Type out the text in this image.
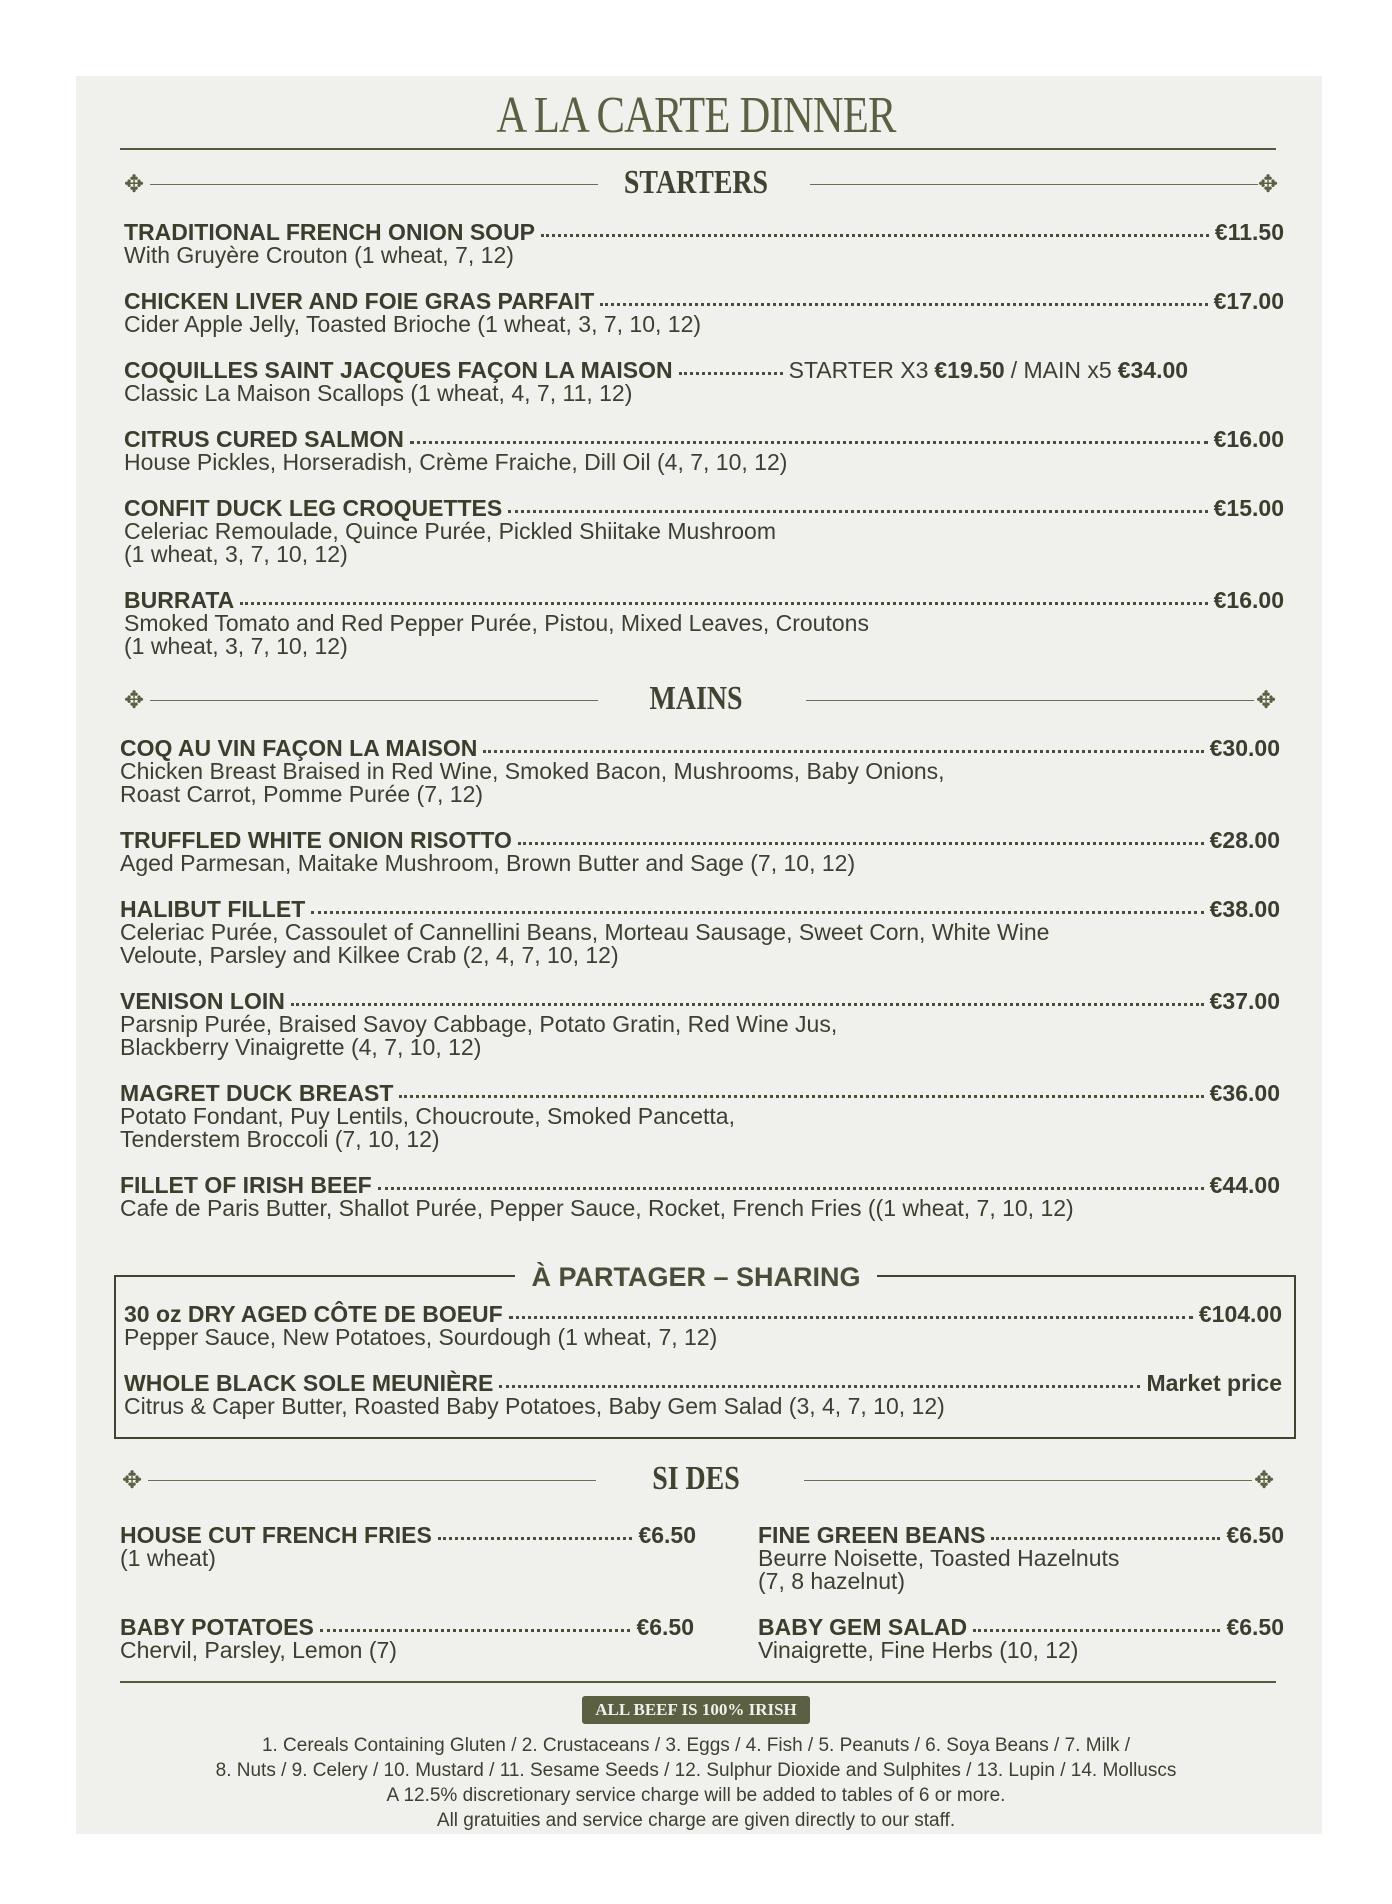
A LA CARTE DINNER
✥	STARTERS	✥
TRADITIONAL FRENCH ONION SOUP	€11.50
With Gruyère Crouton (1 wheat, 7, 12)
CHICKEN LIVER AND FOIE GRAS PARFAIT	€17.00
Cider Apple Jelly, Toasted Brioche (1 wheat, 3, 7, 10, 12)
COQUILLES SAINT JACQUES FAÇON LA MAISON	STARTER X3 €19.50 / MAIN x5 €34.00
Classic La Maison Scallops (1 wheat, 4, 7, 11, 12)
CITRUS CURED SALMON	€16.00
House Pickles, Horseradish, Crème Fraiche, Dill Oil (4, 7, 10, 12)
CONFIT DUCK LEG CROQUETTES	€15.00
Celeriac Remoulade, Quince Purée, Pickled Shiitake Mushroom
(1 wheat, 3, 7, 10, 12)
BURRATA	€16.00
Smoked Tomato and Red Pepper Purée, Pistou, Mixed Leaves, Croutons
(1 wheat, 3, 7, 10, 12)
✥	MAINS	✥
COQ AU VIN FAÇON LA MAISON	€30.00
Chicken Breast Braised in Red Wine, Smoked Bacon, Mushrooms, Baby Onions,
Roast Carrot, Pomme Purée (7, 12)
TRUFFLED WHITE ONION RISOTTO	€28.00
Aged Parmesan, Maitake Mushroom, Brown Butter and Sage (7, 10, 12)
HALIBUT FILLET	€38.00
Celeriac Purée, Cassoulet of Cannellini Beans, Morteau Sausage, Sweet Corn, White Wine
Veloute, Parsley and Kilkee Crab (2, 4, 7, 10, 12)
VENISON LOIN	€37.00
Parsnip Purée, Braised Savoy Cabbage, Potato Gratin, Red Wine Jus,
Blackberry Vinaigrette (4, 7, 10, 12)
MAGRET DUCK BREAST	€36.00
Potato Fondant, Puy Lentils, Choucroute, Smoked Pancetta,
Tenderstem Broccoli (7, 10, 12)
FILLET OF IRISH BEEF	€44.00
Cafe de Paris Butter, Shallot Purée, Pepper Sauce, Rocket, French Fries ((1 wheat, 7, 10, 12)
À PARTAGER – SHARING
30 oz DRY AGED CÔTE DE BOEUF	€104.00
Pepper Sauce, New Potatoes, Sourdough (1 wheat, 7, 12)
WHOLE BLACK SOLE MEUNIÈRE	Market price
Citrus & Caper Butter, Roasted Baby Potatoes, Baby Gem Salad (3, 4, 7, 10, 12)
✥	SI DES	✥
HOUSE CUT FRENCH FRIES	€6.50
(1 wheat)
FINE GREEN BEANS	€6.50
Beurre Noisette, Toasted Hazelnuts
(7, 8 hazelnut)
BABY POTATOES	€6.50
Chervil, Parsley, Lemon (7)
BABY GEM SALAD	€6.50
Vinaigrette, Fine Herbs (10, 12)
ALL BEEF IS 100% IRISH
1. Cereals Containing Gluten / 2. Crustaceans / 3. Eggs / 4. Fish / 5. Peanuts / 6. Soya Beans / 7. Milk /
8. Nuts / 9. Celery / 10. Mustard / 11. Sesame Seeds / 12. Sulphur Dioxide and Sulphites / 13. Lupin / 14. Molluscs
A 12.5% discretionary service charge will be added to tables of 6 or more.
All gratuities and service charge are given directly to our staff.
